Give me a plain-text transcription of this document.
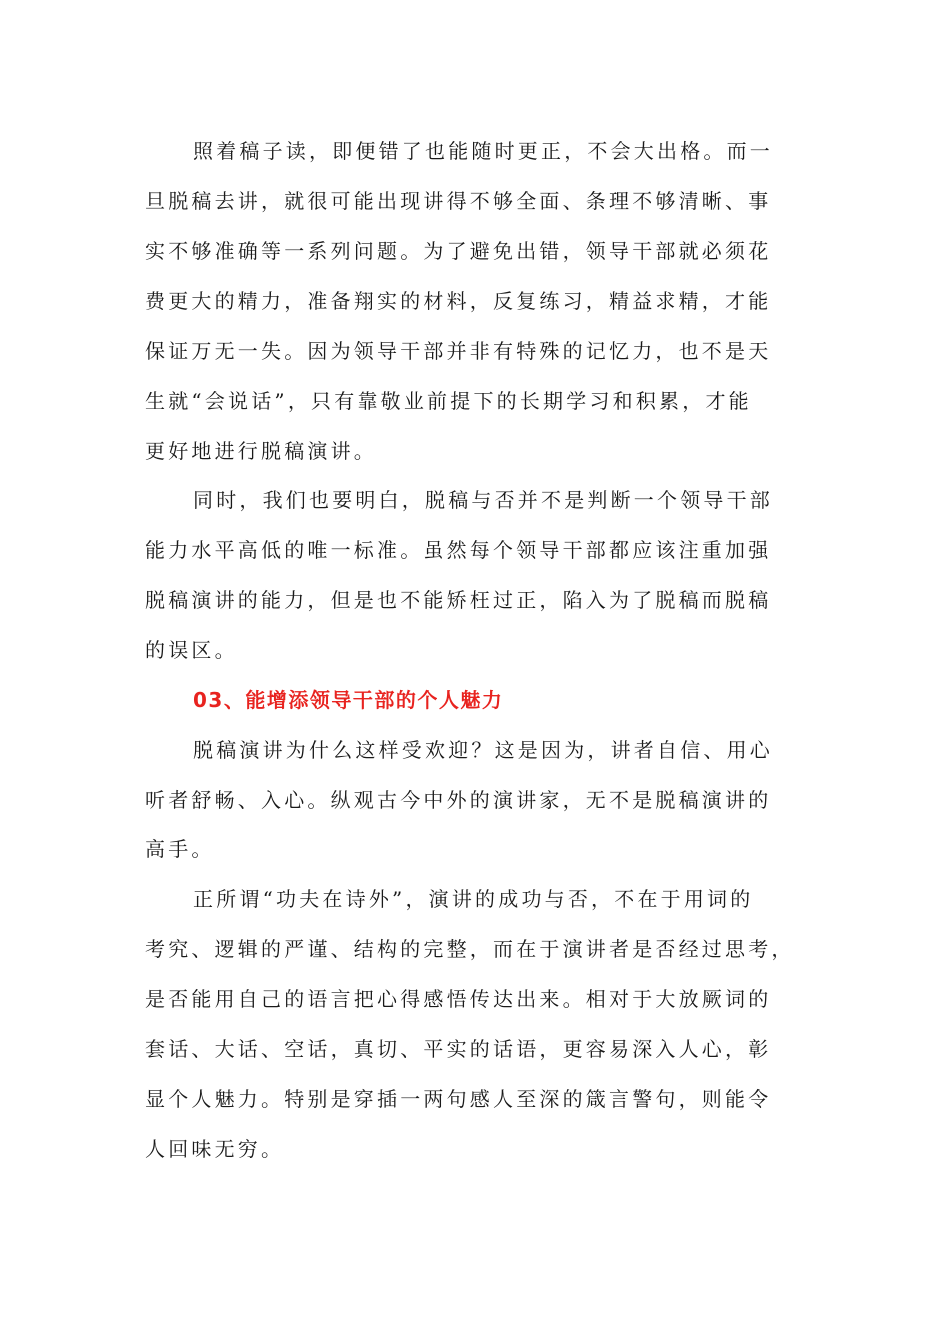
照着稿子读，即便错了也能随时更正，不会大出格。而一

旦脱稿去讲，就很可能出现讲得不够全面、条理不够清晰、事

实不够准确等一系列问题。为了避免出错，领导干部就必须花

费更大的精力，准备翔实的材料，反复练习，精益求精，才能

保证万无一失。因为领导干部并非有特殊的记忆力，也不是天

生就“会说话”，只有靠敬业前提下的长期学习和积累，才能

更好地进行脱稿演讲。

同时，我们也要明白，脱稿与否并不是判断一个领导干部

能力水平高低的唯一标准。虽然每个领导干部都应该注重加强

脱稿演讲的能力，但是也不能矫枉过正，陷入为了脱稿而脱稿

的误区。

03、能增添领导干部的个人魅力

脱稿演讲为什么这样受欢迎？这是因为，讲者自信、用心

听者舒畅、入心。纵观古今中外的演讲家，无不是脱稿演讲的

高手。

正所谓“功夫在诗外”，演讲的成功与否，不在于用词的

考究、逻辑的严谨、结构的完整，而在于演讲者是否经过思考，

是否能用自己的语言把心得感悟传达出来。相对于大放厥词的

套话、大话、空话，真切、平实的话语，更容易深入人心，彰

显个人魅力。特别是穿插一两句感人至深的箴言警句，则能令

人回味无穷。
